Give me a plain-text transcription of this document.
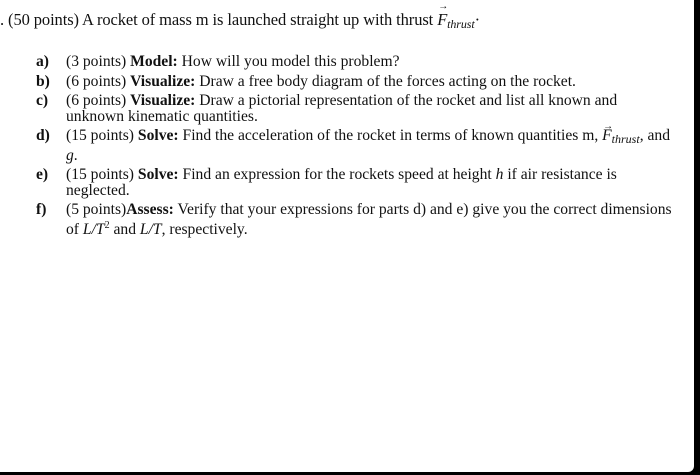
. (50 points) A rocket of mass m is launched straight up with thrust → $F_{thrust}\cdot$
a)	(3 points) Model: How will you model this problem?
b)	(6 points) Visualize: Draw a free body diagram of the forces acting on the rocket.
c)	(6 points) Visualize: Draw a pictorial representation of the rocket and list all known and unknown kinematic quantities.
d)	(15 points) Solve: Find the acceleration of the rocket in terms of known quantities m, → $F_{thrust}$, and g.
e)	(15 points) Solve: Find an expression for the rockets speed at height h if air resistance is neglected.
f)	(5 points)Assess: Verify that your expressions for parts d) and e) give you the correct dimensions of $L/T^2$ and L/T, respectively.
